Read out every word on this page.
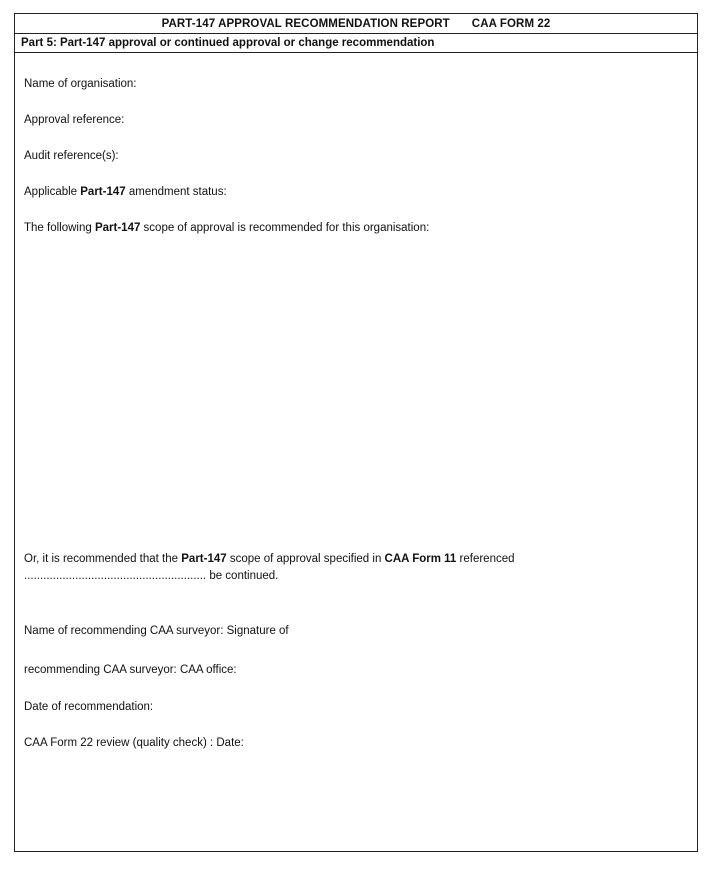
PART-147 APPROVAL RECOMMENDATION REPORT CAA FORM 22
Part 5: Part-147 approval or continued approval or change recommendation
Name of organisation:
Approval reference:
Audit reference(s):
Applicable Part-147 amendment status:
The following Part-147 scope of approval is recommended for this organisation:
Or, it is recommended that the Part-147 scope of approval specified in CAA Form 11 referenced
......................................................... be continued.
Name of recommending CAA surveyor: Signature of
recommending CAA surveyor: CAA office:
Date of recommendation:
CAA Form 22 review (quality check) : Date:
